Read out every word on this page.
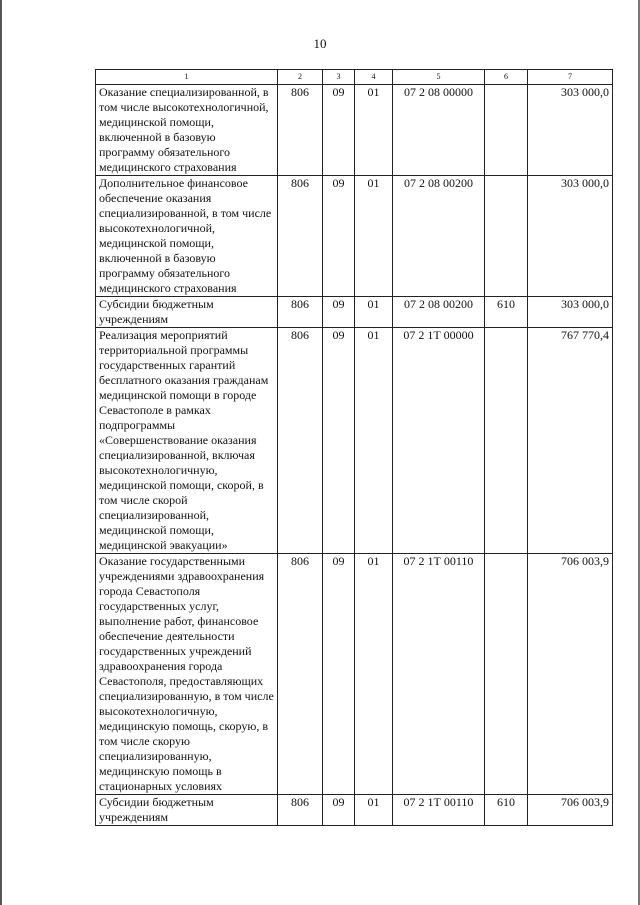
10
1	2	3	4	5	6	7
Оказание специализированной, в том числе высокотехнологичной, медицинской помощи, включенной в базовую программу обязательного медицинского страхования	806	09	01	07 2 08 00000		303 000,0
Дополнительное финансовое обеспечение оказания специализированной, в том числе высокотехнологичной, медицинской помощи, включенной в базовую программу обязательного медицинского страхования	806	09	01	07 2 08 00200		303 000,0
Субсидии бюджетным учреждениям	806	09	01	07 2 08 00200	610	303 000,0
Реализация мероприятий территориальной программы государственных гарантий бесплатного оказания гражданам медицинской помощи в городе Севастополе в рамках подпрограммы «Совершенствование оказания специализированной, включая высокотехнологичную, медицинской помощи, скорой, в том числе скорой специализированной, медицинской помощи, медицинской эвакуации»	806	09	01	07 2 1Т 00000		767 770,4
Оказание государственными учреждениями здравоохранения города Севастополя государственных услуг, выполнение работ, финансовое обеспечение деятельности государственных учреждений здравоохранения города Севастополя, предоставляющих специализированную, в том числе высокотехнологичную, медицинскую помощь, скорую, в том числе скорую специализированную, медицинскую помощь в стационарных условиях	806	09	01	07 2 1Т 00110		706 003,9
Субсидии бюджетным учреждениям	806	09	01	07 2 1Т 00110	610	706 003,9
